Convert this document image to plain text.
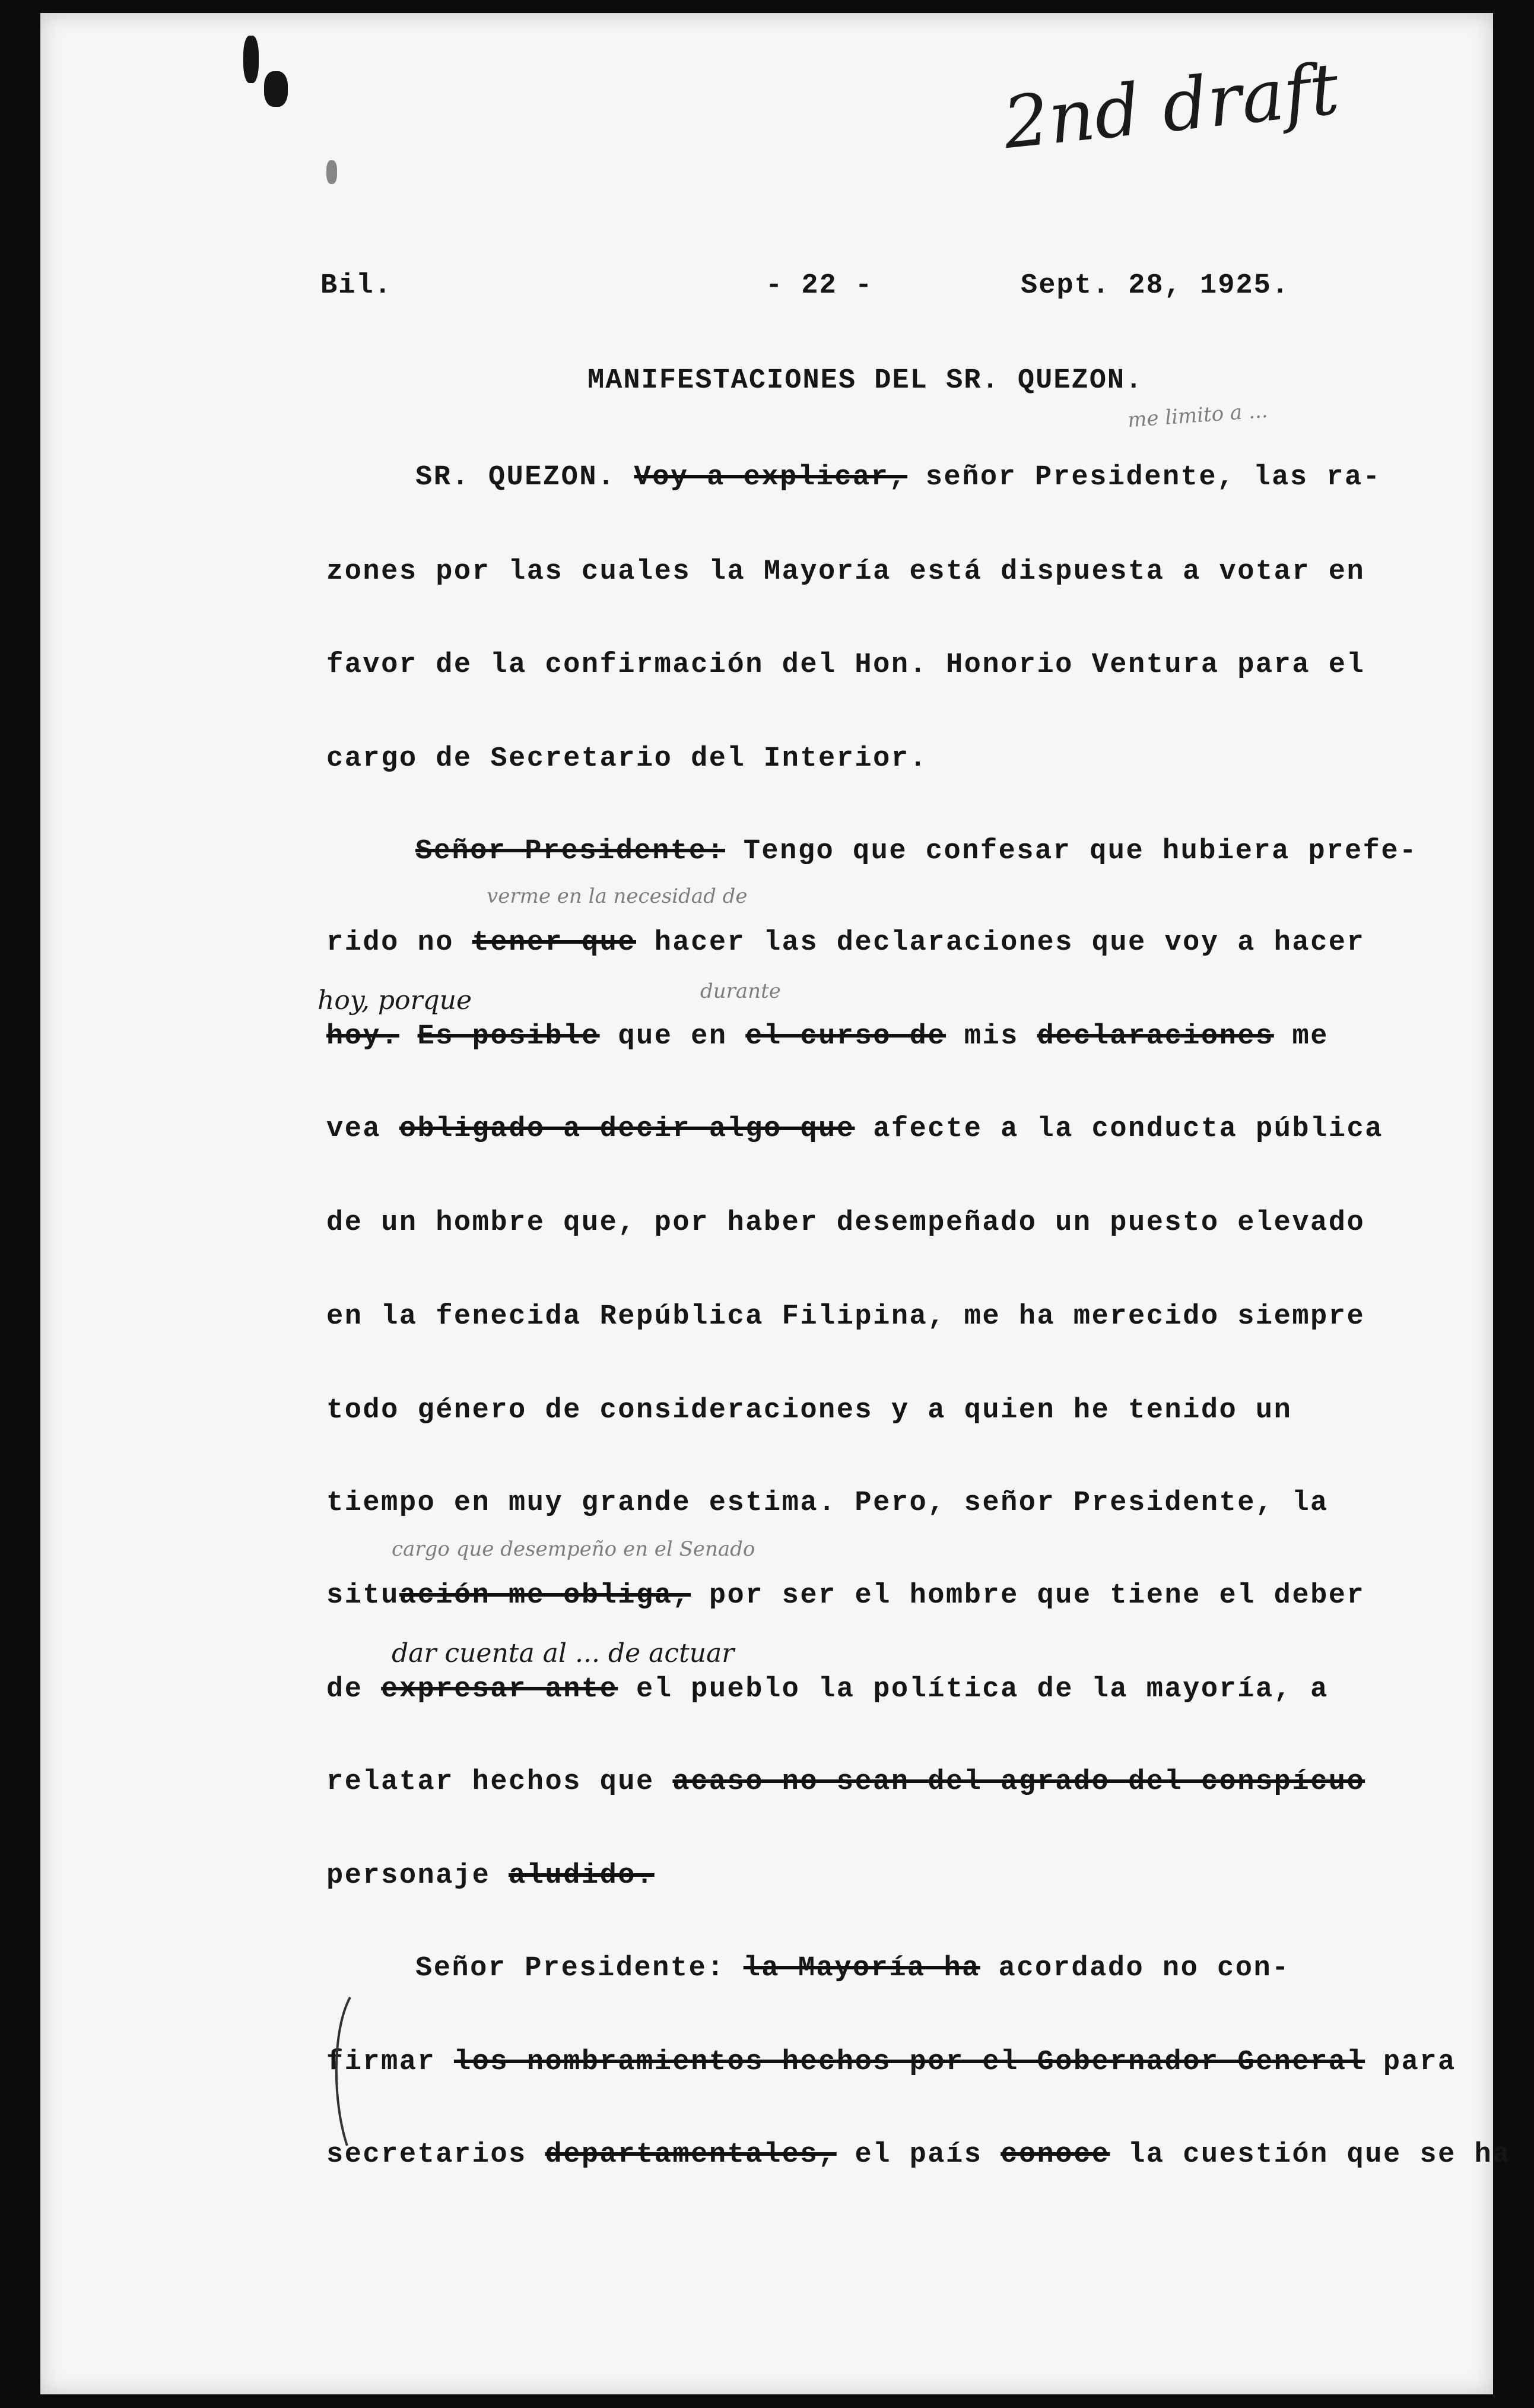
2nd draft
Bil.	- 22 -	Sept. 28, 1925.
MANIFESTACIONES DEL SR. QUEZON.
me limito a ...
SR. QUEZON. Voy a explicar, señor Presidente, las ra-
zones por las cuales la Mayoría está dispuesta a votar en
favor de la confirmación del Hon. Honorio Ventura para el
cargo de Secretario del Interior.
Señor Presidente: Tengo que confesar que hubiera prefe-
verme en la necesidad de
rido no tener que hacer las declaraciones que voy a hacer
hoy, porque	durante
hoy. Es posible que en el curso de mis declaraciones me
vea obligado a decir algo que afecte a la conducta pública
de un hombre que, por haber desempeñado un puesto elevado
en la fenecida República Filipina, me ha merecido siempre
todo género de consideraciones y a quien he tenido un
tiempo en muy grande estima. Pero, señor Presidente, la
cargo que desempeño en el Senado
situación me obliga, por ser el hombre que tiene el deber
dar cuenta al ... de actuar
de expresar ante el pueblo la política de la mayoría, a
relatar hechos que acaso no sean del agrado del conspícuo
personaje aludido.
Señor Presidente: la Mayoría ha acordado no con-
firmar los nombramientos hechos por el Gobernador General para
secretarios departamentales, el país conoce la cuestión que se ha
